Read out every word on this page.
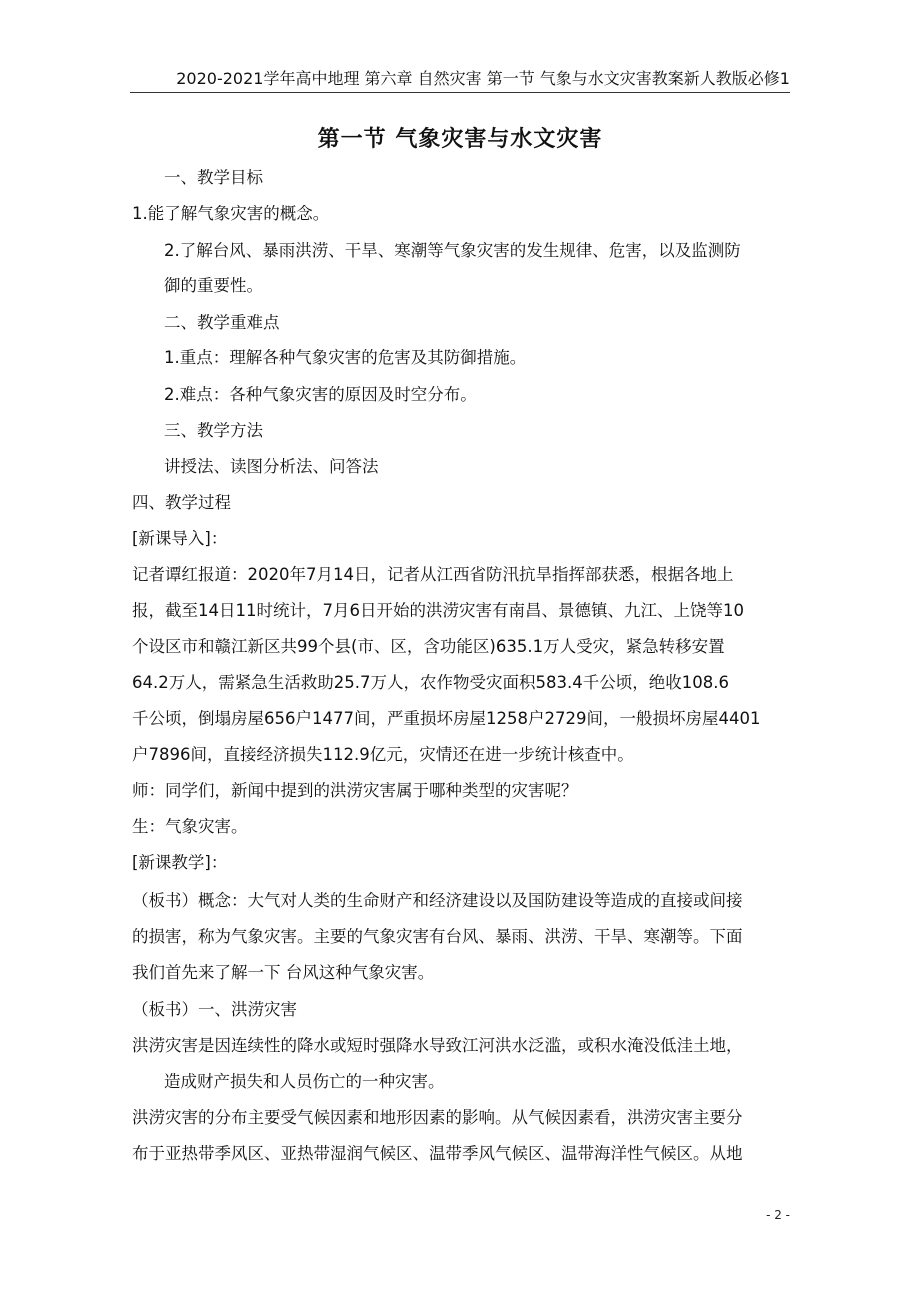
2020-2021学年高中地理 第六章 自然灾害 第一节 气象与水文灾害教案新人教版必修1
第一节 气象灾害与水文灾害
一、教学目标
1.能了解气象灾害的概念。
2.了解台风、暴雨洪涝、干旱、寒潮等气象灾害的发生规律、危害，以及监测防
御的重要性。
二、教学重难点
1.重点：理解各种气象灾害的危害及其防御措施。
2.难点：各种气象灾害的原因及时空分布。
三、教学方法
讲授法、读图分析法、问答法
四、教学过程
[新课导入]：
记者谭红报道：2020年7月14日，记者从江西省防汛抗旱指挥部获悉，根据各地上
报，截至14日11时统计，7月6日开始的洪涝灾害有南昌、景德镇、九江、上饶等10
个设区市和赣江新区共99个县(市、区，含功能区)635.1万人受灾，紧急转移安置
64.2万人，需紧急生活救助25.7万人，农作物受灾面积583.4千公顷，绝收108.6
千公顷，倒塌房屋656户1477间，严重损坏房屋1258户2729间，一般损坏房屋4401
户7896间，直接经济损失112.9亿元，灾情还在进一步统计核查中。
师：同学们，新闻中提到的洪涝灾害属于哪种类型的灾害呢？
生：气象灾害。
[新课教学]：
（板书）概念：大气对人类的生命财产和经济建设以及国防建设等造成的直接或间接
的损害，称为气象灾害。主要的气象灾害有台风、暴雨、洪涝、干旱、寒潮等。下面
我们首先来了解一下 台风这种气象灾害。
（板书）一、洪涝灾害
洪涝灾害是因连续性的降水或短时强降水导致江河洪水泛滥，或积水淹没低洼土地，
造成财产损失和人员伤亡的一种灾害。
洪涝灾害的分布主要受气候因素和地形因素的影响。从气候因素看，洪涝灾害主要分
布于亚热带季风区、亚热带湿润气候区、温带季风气候区、温带海洋性气候区。从地
- 2 -
